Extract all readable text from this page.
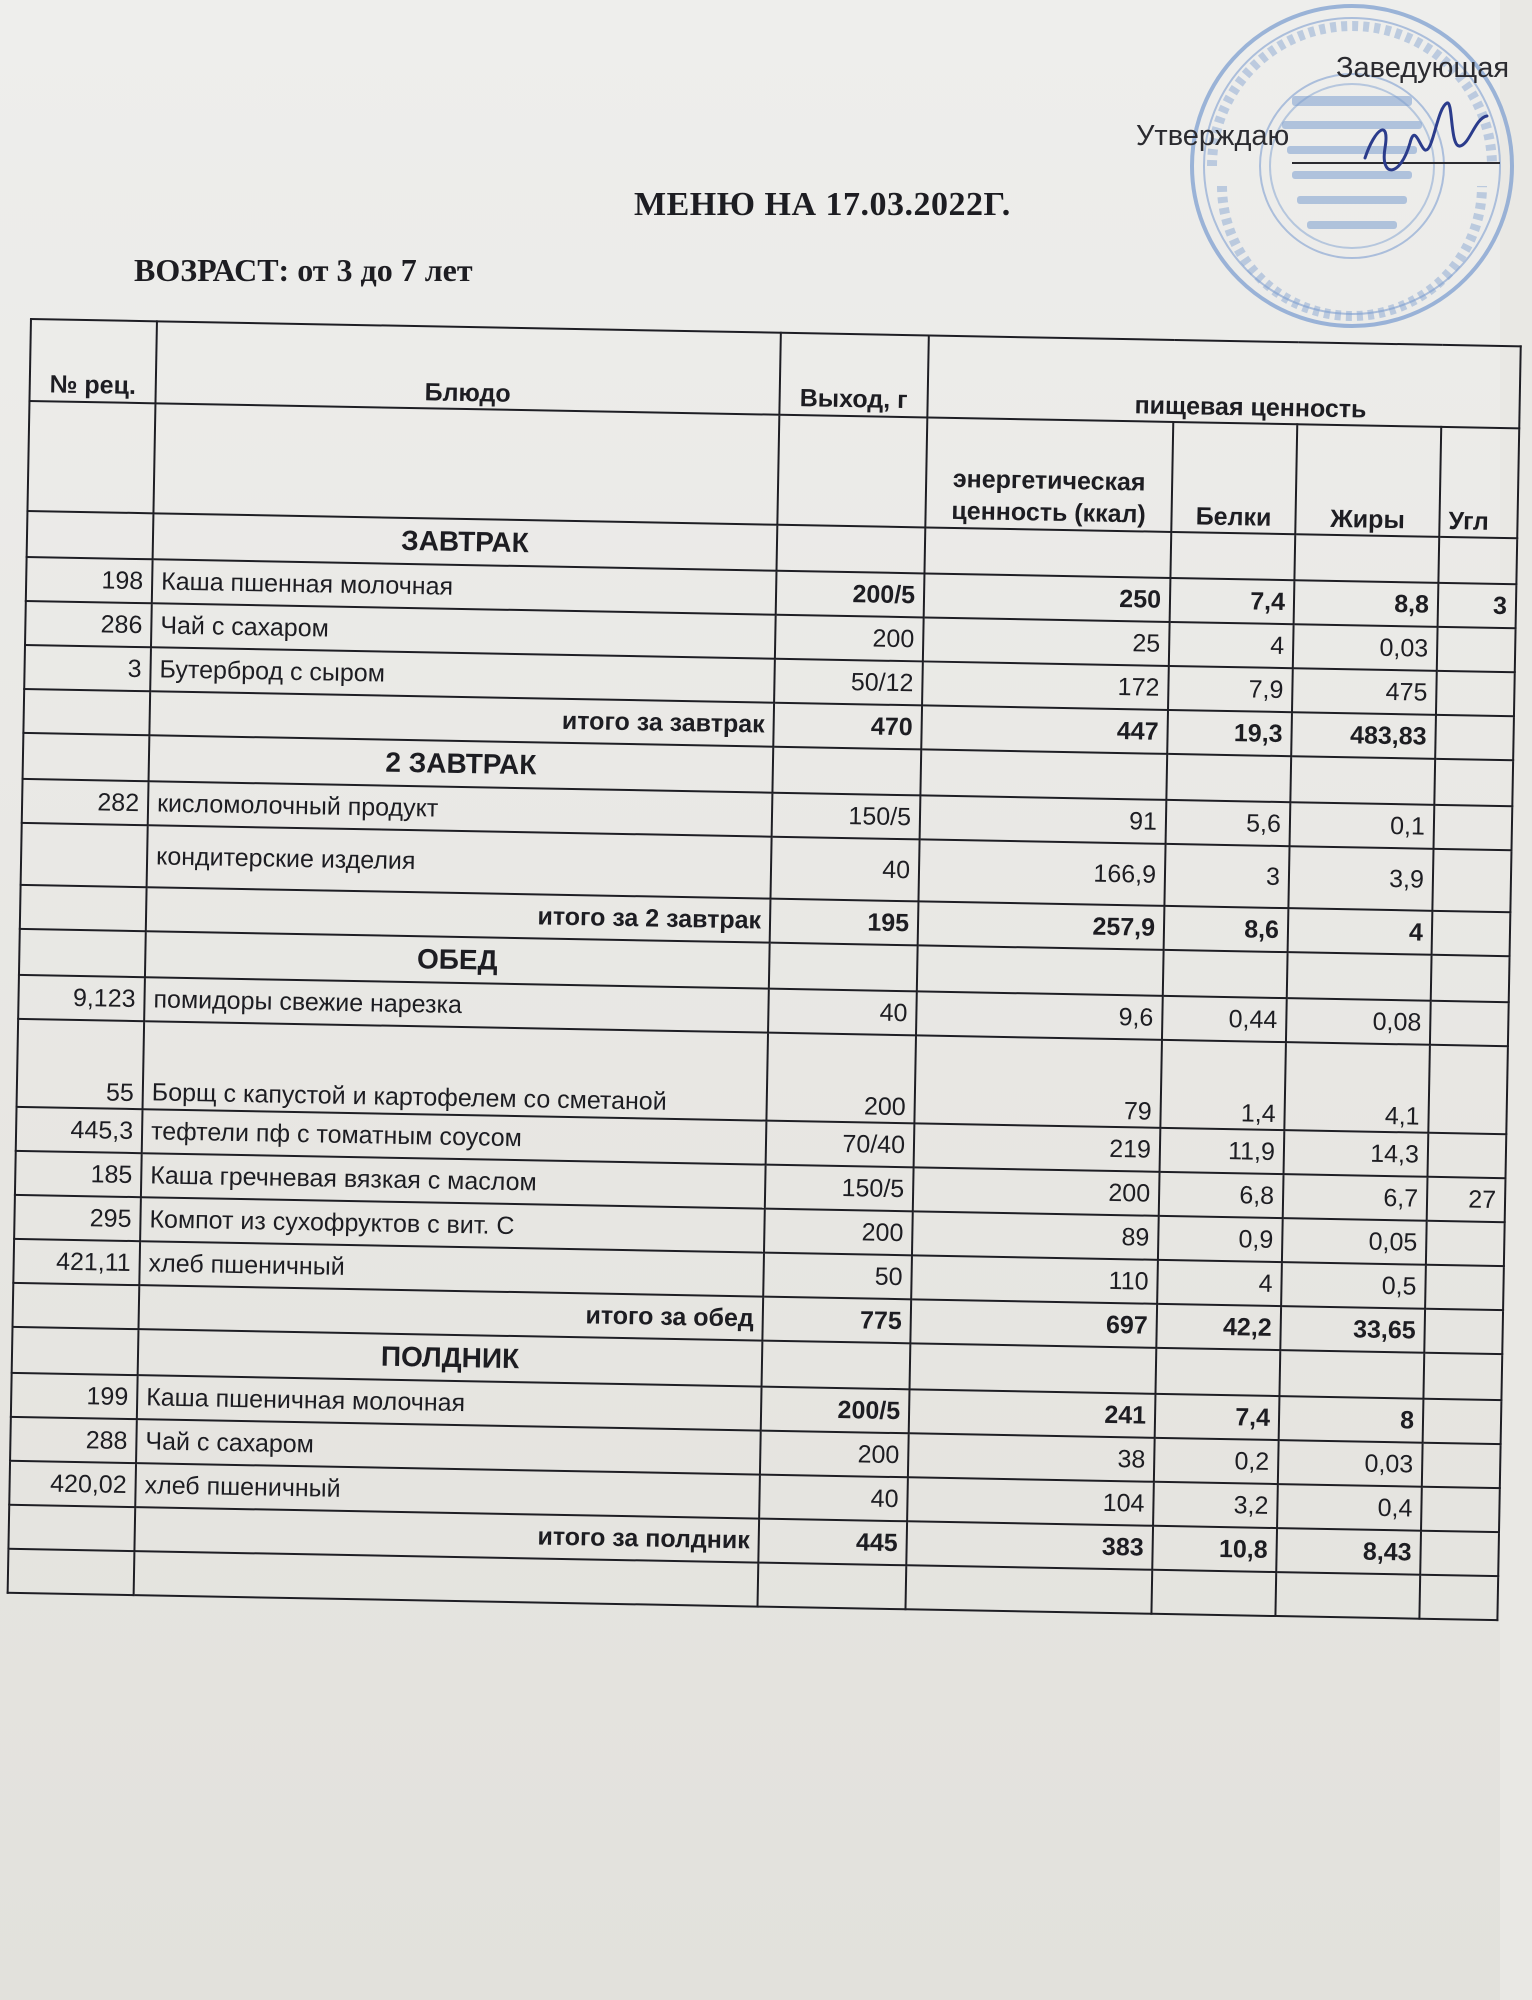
Заведующая
Утверждаю
МЕНЮ НА 17.03.2022Г.
ВОЗРАСТ: от 3 до 7 лет
№ рец.	Блюдо	Выход, г	пищевая ценность			
			энергетическая ценность (ккал)	Белки	Жиры	Угл
	ЗАВТРАК					
198	Каша пшенная молочная	200/5	250	7,4	8,8	3
286	Чай с сахаром	200	25	4	0,03	
3	Бутерброд с сыром	50/12	172	7,9	475	
	итого за завтрак	470	447	19,3	483,83	
	2 ЗАВТРАК					
282	кисломолочный продукт	150/5	91	5,6	0,1	
	кондитерские изделия	40	166,9	3	3,9	
	итого за 2 завтрак	195	257,9	8,6	4	
	ОБЕД					
9,123	помидоры свежие нарезка	40	9,6	0,44	0,08	
55	Борщ с капустой и картофелем со сметаной	200	79	1,4	4,1	
445,3	тефтели пф с томатным соусом	70/40	219	11,9	14,3	
185	Каша гречневая вязкая с маслом	150/5	200	6,8	6,7	27
295	Компот из сухофруктов с вит. С	200	89	0,9	0,05	
421,11	хлеб пшеничный	50	110	4	0,5	
	итого за обед	775	697	42,2	33,65	
	ПОЛДНИК					
199	Каша пшеничная молочная	200/5	241	7,4	8	
288	Чай с сахаром	200	38	0,2	0,03	
420,02	хлеб пшеничный	40	104	3,2	0,4	
	итого за полдник	445	383	10,8	8,43	
